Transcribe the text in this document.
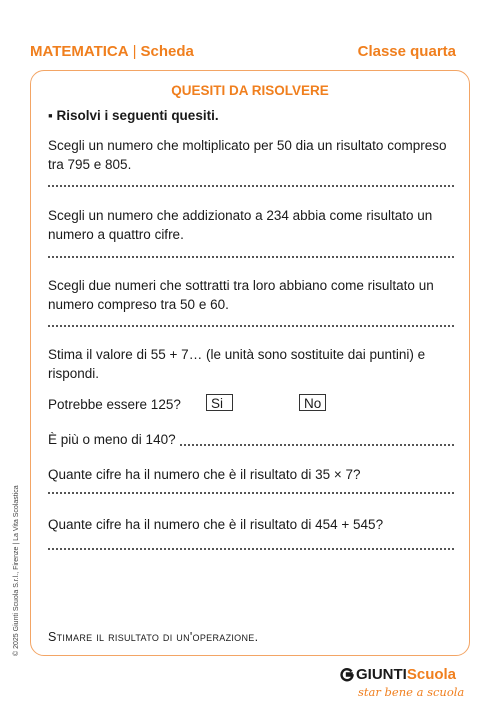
MATEMATICA | Scheda	Classe quarta
QUESITI DA RISOLVERE
▪ Risolvi i seguenti quesiti.
Scegli un numero che moltiplicato per 50 dia un risultato compreso tra 795 e 805.
Scegli un numero che addizionato a 234 abbia come risultato un numero a quattro cifre.
Scegli due numeri che sottratti tra loro abbiano come risultato un numero compreso tra 50 e 60.
Stima il valore di 55 + 7… (le unità sono sostituite dai puntini) e rispondi.
Potrebbe essere 125?	Si	No
È più o meno di 140?
Quante cifre ha il numero che è il risultato di 35 × 7?
Quante cifre ha il numero che è il risultato di 454 + 545?
Stimare il risultato di un'operazione.
© 2025 Giunti Scuola S.r.l., Firenze | La Vita Scolastica
GIUNTIScuola
star bene a scuola
